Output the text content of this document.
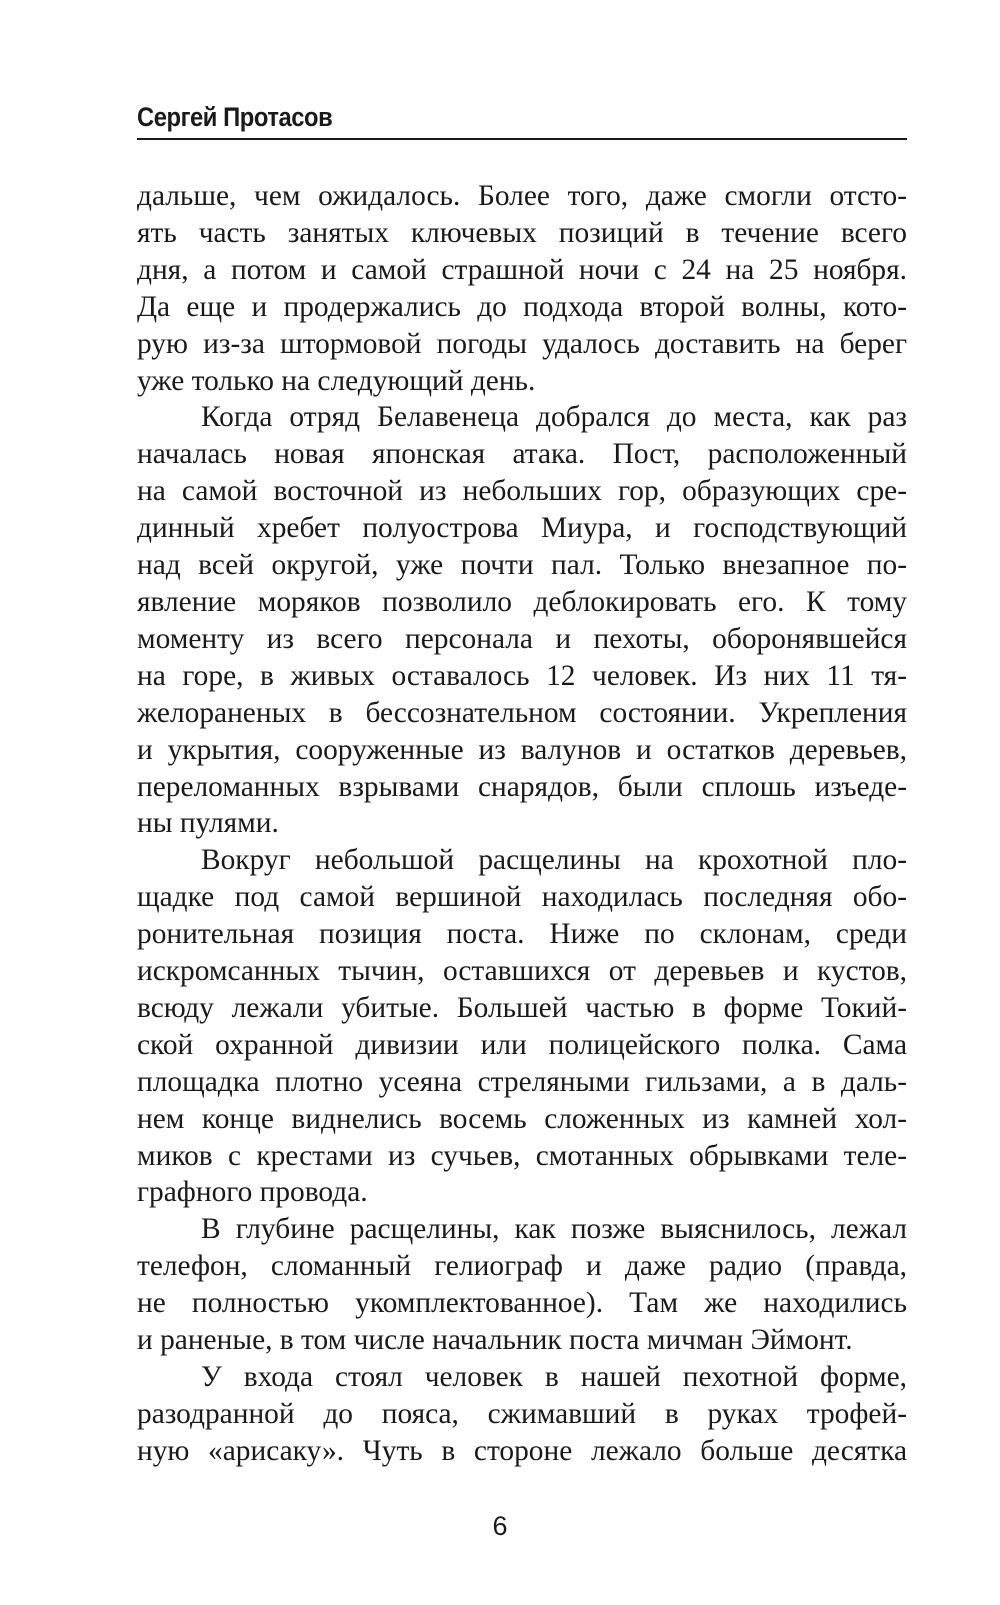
Сергей Протасов

дальше, чем ожидалось. Более того, даже смогли отсто-
ять часть занятых ключевых позиций в течение всего
дня, а потом и самой страшной ночи с 24 на 25 ноября.
Да еще и продержались до подхода второй волны, кото-
рую из-за штормовой погоды удалось доставить на берег
уже только на следующий день.

Когда отряд Белавенеца добрался до места, как раз
началась новая японская атака. Пост, расположенный
на самой восточной из небольших гор, образующих сре-
динный хребет полуострова Миура, и господствующий
над всей округой, уже почти пал. Только внезапное по-
явление моряков позволило деблокировать его. К тому
моменту из всего персонала и пехоты, оборонявшейся
на горе, в живых оставалось 12 человек. Из них 11 тя-
желораненых в бессознательном состоянии. Укрепления
и укрытия, сооруженные из валунов и остатков деревьев,
переломанных взрывами снарядов, были сплошь изъеде-
ны пулями.

Вокруг небольшой расщелины на крохотной пло-
щадке под самой вершиной находилась последняя обо-
ронительная позиция поста. Ниже по склонам, среди
искромсанных тычин, оставшихся от деревьев и кустов,
всюду лежали убитые. Большей частью в форме Токий-
ской охранной дивизии или полицейского полка. Сама
площадка плотно усеяна стреляными гильзами, а в даль-
нем конце виднелись восемь сложенных из камней хол-
миков с крестами из сучьев, смотанных обрывками теле-
графного провода.

В глубине расщелины, как позже выяснилось, лежал
телефон, сломанный гелиограф и даже радио (правда,
не полностью укомплектованное). Там же находились
и раненые, в том числе начальник поста мичман Эймонт.

У входа стоял человек в нашей пехотной форме,
разодранной до пояса, сжимавший в руках трофей-
ную «арисаку». Чуть в стороне лежало больше десятка

6
